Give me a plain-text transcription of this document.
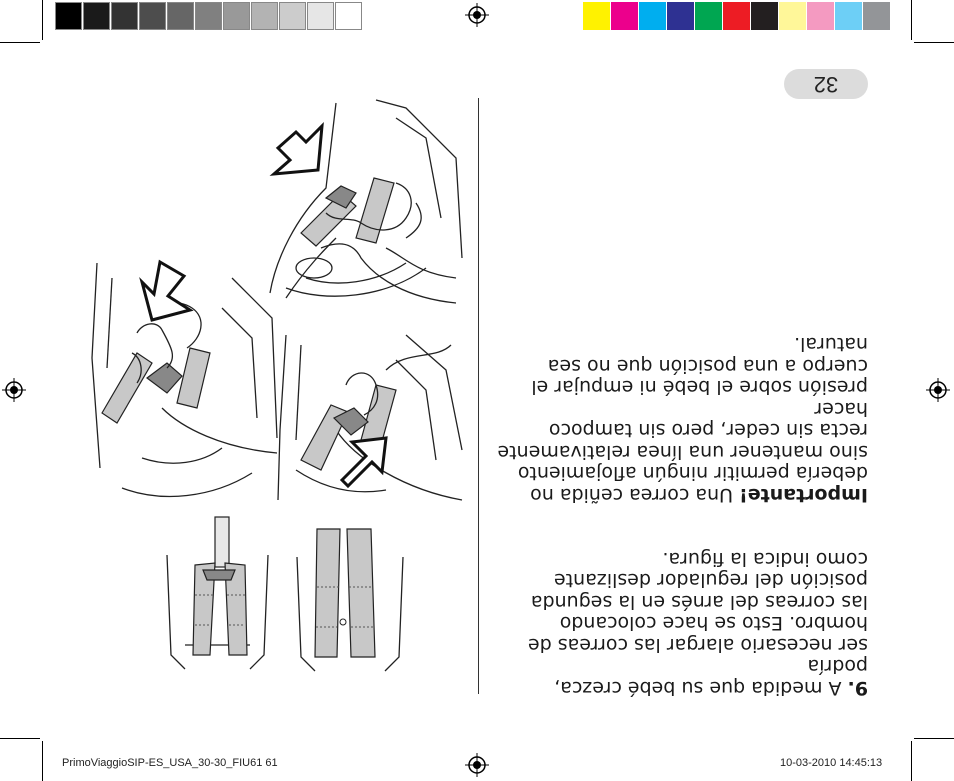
32
9. A medida que su bebé crezca, podría
ser necesario alargar las correas de
hombro. Esto se hace colocando
las correas del arnés en la segunda
posición del regulador deslizante
como indica la figura.
Importante! Una correa ceñida no
debería permitir ningún aflojamiento
sino mantener una línea relativamente
recta sin ceder, pero sin tampoco hacer
presión sobre el bebé ni empujar el
cuerpo a una posición que no sea
natural.
PrimoViaggioSIP-ES_USA_30-30_FIU61 61	10-03-2010 14:45:13
